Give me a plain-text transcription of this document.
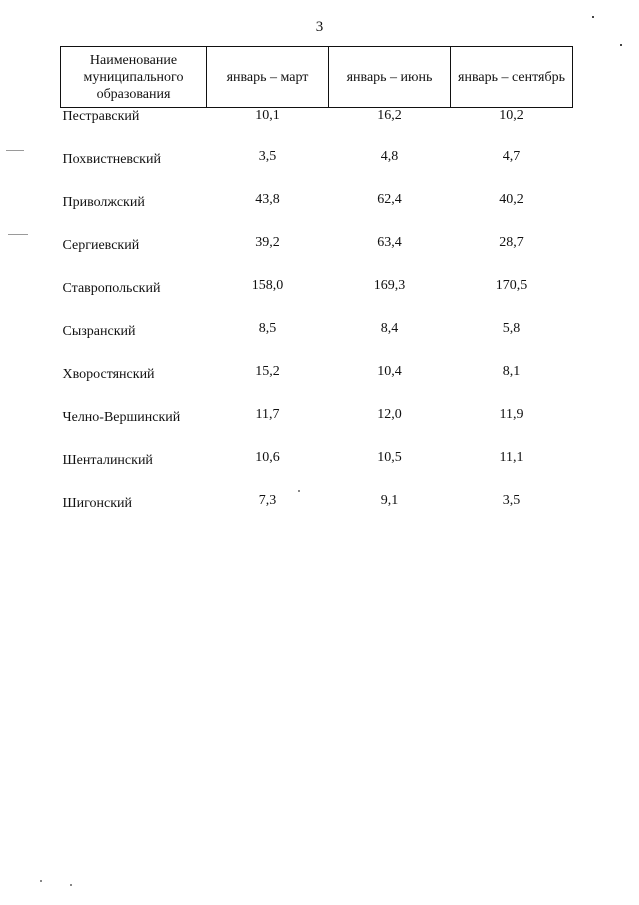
3
Наименование муниципального образования	январь – март	январь – июнь	январь – сентябрь
Пестравский	10,1	16,2	10,2
Похвистневский	3,5	4,8	4,7
Приволжский	43,8	62,4	40,2
Сергиевский	39,2	63,4	28,7
Ставропольский	158,0	169,3	170,5
Сызранский	8,5	8,4	5,8
Хворостянский	15,2	10,4	8,1
Челно-Вершинский	11,7	12,0	11,9
Шенталинский	10,6	10,5	11,1
Шигонский	7,3	9,1	3,5
